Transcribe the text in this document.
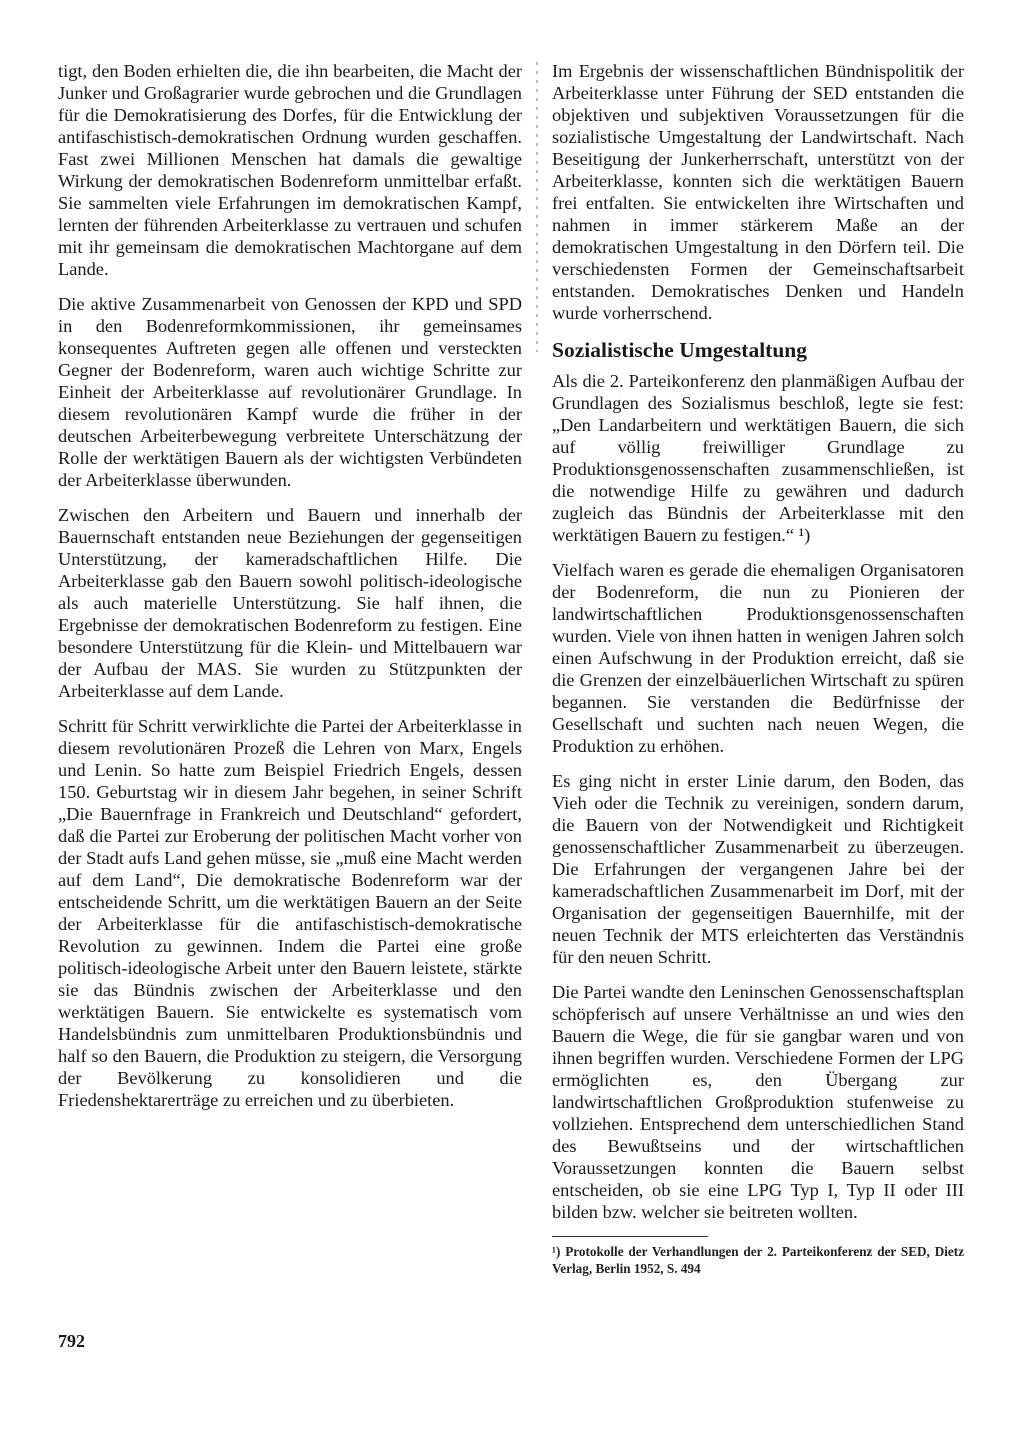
tigt, den Boden erhielten die, die ihn bearbeiten, die Macht der Junker und Großagrarier wurde gebrochen und die Grundlagen für die Demokratisierung des Dorfes, für die Entwicklung der antifaschistisch-demokratischen Ordnung wurden geschaffen. Fast zwei Millionen Menschen hat damals die gewaltige Wirkung der demokratischen Bodenreform unmittelbar erfaßt. Sie sammelten viele Erfahrungen im demokratischen Kampf, lernten der führenden Arbeiterklasse zu vertrauen und schufen mit ihr gemeinsam die demokratischen Machtorgane auf dem Lande.

Die aktive Zusammenarbeit von Genossen der KPD und SPD in den Bodenreformkommissionen, ihr gemeinsames konsequentes Auftreten gegen alle offenen und versteckten Gegner der Bodenreform, waren auch wichtige Schritte zur Einheit der Arbeiterklasse auf revolutionärer Grundlage. In diesem revolutionären Kampf wurde die früher in der deutschen Arbeiterbewegung verbreitete Unterschätzung der Rolle der werktätigen Bauern als der wichtigsten Verbündeten der Arbeiterklasse überwunden.

Zwischen den Arbeitern und Bauern und innerhalb der Bauernschaft entstanden neue Beziehungen der gegenseitigen Unterstützung, der kameradschaftlichen Hilfe. Die Arbeiterklasse gab den Bauern sowohl politisch-ideologische als auch materielle Unterstützung. Sie half ihnen, die Ergebnisse der demokratischen Bodenreform zu festigen. Eine besondere Unterstützung für die Klein- und Mittelbauern war der Aufbau der MAS. Sie wurden zu Stützpunkten der Arbeiterklasse auf dem Lande.

Schritt für Schritt verwirklichte die Partei der Arbeiterklasse in diesem revolutionären Prozeß die Lehren von Marx, Engels und Lenin. So hatte zum Beispiel Friedrich Engels, dessen 150. Geburtstag wir in diesem Jahr begehen, in seiner Schrift „Die Bauernfrage in Frankreich und Deutschland“ gefordert, daß die Partei zur Eroberung der politischen Macht vorher von der Stadt aufs Land gehen müsse, sie „muß eine Macht werden auf dem Land“, Die demokratische Bodenreform war der entscheidende Schritt, um die werktätigen Bauern an der Seite der Arbeiterklasse für die antifaschistisch-demokratische Revolution zu gewinnen. Indem die Partei eine große politisch-ideologische Arbeit unter den Bauern leistete, stärkte sie das Bündnis zwischen der Arbeiterklasse und den werktätigen Bauern. Sie entwickelte es systematisch vom Handelsbündnis zum unmittelbaren Produktionsbündnis und half so den Bauern, die Produktion zu steigern, die Versorgung der Bevölkerung zu konsolidieren und die Friedenshektarerträge zu erreichen und zu überbieten.

Im Ergebnis der wissenschaftlichen Bündnispolitik der Arbeiterklasse unter Führung der SED entstanden die objektiven und subjektiven Voraussetzungen für die sozialistische Umgestaltung der Landwirtschaft. Nach Beseitigung der Junkerherrschaft, unterstützt von der Arbeiterklasse, konnten sich die werktätigen Bauern frei entfalten. Sie entwickelten ihre Wirtschaften und nahmen in immer stärkerem Maße an der demokratischen Umgestaltung in den Dörfern teil. Die verschiedensten Formen der Gemeinschaftsarbeit entstanden. Demokratisches Denken und Handeln wurde vorherrschend.

Sozialistische Umgestaltung

Als die 2. Parteikonferenz den planmäßigen Aufbau der Grundlagen des Sozialismus beschloß, legte sie fest: „Den Landarbeitern und werktätigen Bauern, die sich auf völlig freiwilliger Grundlage zu Produktionsgenossenschaften zusammenschließen, ist die notwendige Hilfe zu gewähren und dadurch zugleich das Bündnis der Arbeiterklasse mit den werktätigen Bauern zu festigen.“ ¹)

Vielfach waren es gerade die ehemaligen Organisatoren der Bodenreform, die nun zu Pionieren der landwirtschaftlichen Produktionsgenossenschaften wurden. Viele von ihnen hatten in wenigen Jahren solch einen Aufschwung in der Produktion erreicht, daß sie die Grenzen der einzelbäuerlichen Wirtschaft zu spüren begannen. Sie verstanden die Bedürfnisse der Gesellschaft und suchten nach neuen Wegen, die Produktion zu erhöhen.

Es ging nicht in erster Linie darum, den Boden, das Vieh oder die Technik zu vereinigen, sondern darum, die Bauern von der Notwendigkeit und Richtigkeit genossenschaftlicher Zusammenarbeit zu überzeugen. Die Erfahrungen der vergangenen Jahre bei der kameradschaftlichen Zusammenarbeit im Dorf, mit der Organisation der gegenseitigen Bauernhilfe, mit der neuen Technik der MTS erleichterten das Verständnis für den neuen Schritt.

Die Partei wandte den Leninschen Genossenschaftsplan schöpferisch auf unsere Verhältnisse an und wies den Bauern die Wege, die für sie gangbar waren und von ihnen begriffen wurden. Verschiedene Formen der LPG ermöglichten es, den Übergang zur landwirtschaftlichen Großproduktion stufenweise zu vollziehen. Entsprechend dem unterschiedlichen Stand des Bewußtseins und der wirtschaftlichen Voraussetzungen konnten die Bauern selbst entscheiden, ob sie eine LPG Typ I, Typ II oder III bilden bzw. welcher sie beitreten wollten.

¹) Protokolle der Verhandlungen der 2. Parteikonferenz der SED, Dietz Verlag, Berlin 1952, S. 494

792
